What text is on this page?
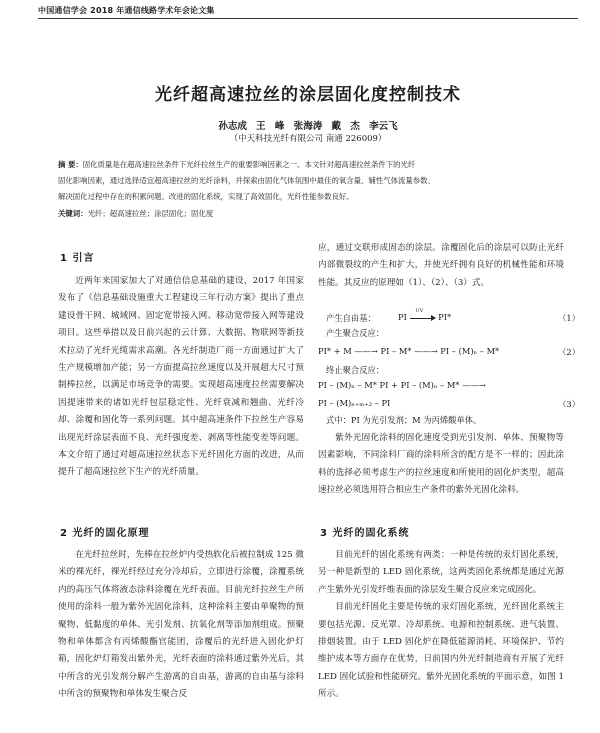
中国通信学会 2018 年通信线路学术年会论文集
光纤超高速拉丝的涂层固化度控制技术
孙志成 王 峰 张海涛 戴 杰 李云飞
（中天科技光纤有限公司 南通 226009）
摘 要：固化质量是在超高速拉丝条件下光纤拉丝生产的重要影响因素之一。本文针对超高速拉丝条件下的光纤
固化影响因素，通过选择适宜超高速拉丝的光纤涂料，并探索由固化气体氛围中最佳的氧含量、辅性气体流量参数、
解决固化过程中存在的积累问题、改进的固化系统，实现了高效固化，光纤性能参数良好。
关键词：光纤；超高速拉丝；涂层固化；固化度
1 引言

近两年来国家加大了对通信信息基础的建设，2017 年国家发布了《信息基础设施重大工程建设三年行动方案》提出了重点建设骨干网、城域网、固定宽带接入网、移动宽带接入网等建设项目。这些举措以及日前兴起的云计算、大数据、物联网等新技术拉动了光纤光缆需求高潮。各光纤制造厂商一方面通过扩大了生产规模增加产能；另一方面提高拉丝速度以及开展超大尺寸预制棒拉丝，以满足市场竞争的需要。实现超高速度拉丝需要解决因提速带来的诸如光纤包层稳定性、光纤衰减和翘曲、光纤冷却、涂覆和固化等一系列问题。其中超高速条件下拉丝生产容易出现光纤涂层表面不良、光纤强度差、剥离等性能变差等问题。本文介绍了通过对超高速拉丝状态下光纤固化方面的改进，从而提升了超高速拉丝下生产的光纤质量。

2 光纤的固化原理

在光纤拉丝时，先棒在拉丝炉内受热软化后被拉制成 125 微米的裸光纤，裸光纤经过充分冷却后，立即进行涂覆，涂覆系统内的高压气体将液态涂料涂覆在光纤表面。目前光纤拉丝生产所使用的涂料一般为紫外光固化涂料，这种涂料主要由单聚物的预聚物、低黏度的单体、光引发剂、抗氧化剂等添加剂组成。预聚物和单体都含有丙烯酸酯官能团，涂覆后的光纤进入固化炉灯箱，固化炉灯箱发出紫外光，光纤表面的涂料通过紫外光后，其中所含的光引发剂分解产生游离的自由基，游离的自由基与涂料中所含的预聚物和单体发生聚合反

应，通过交联形成固态的涂层。涂覆固化后的涂层可以防止光纤内部微裂纹的产生和扩大，并使光纤拥有良好的机械性能和环境性能。其反应的原理如（1）、（2）、（3）式。

产生自由基：	PI
UV
PI*	（1）
产生聚合反应：
PI* + M ——→ PI – M* ——→ PI – (M)ₙ – M*	（2）
终止聚合反应：
PI – (M)ₙ – M* PI + PI – (M)ₙ – M* ——→
PI – (M)ₙ₊ₘ₊₂ – PI	（3）
式中：PI 为光引发剂；M 为丙烯酸单体。

紫外光固化涂料的固化速度受到光引发剂、单体、预聚物等因素影响，不同涂料厂商的涂料所含的配方是不一样的；因此涂料的选择必须考虑生产的拉丝速度和所使用的固化炉类型，超高速拉丝必须选用符合相应生产条件的紫外光固化涂料。

3 光纤的固化系统

目前光纤的固化系统有两类：一种是传统的汞灯固化系统，另一种是新型的 LED 固化系统，这两类固化系统都是通过光源产生紫外光引发纤维表面的涂层发生聚合反应来完成固化。

目前光纤固化主要是传统的汞灯固化系统，光纤固化系统主要包括光源、反光罩、冷却系统、电源和控制系统、进气装置、排烟装置。由于 LED 固化炉在降低能源消耗、环境保护、节约维护成本等方面存在优势，日前国内外光纤制造商有开展了光纤 LED 固化试验和性能研究。紫外光固化系统的平面示意，如图 1 所示。
